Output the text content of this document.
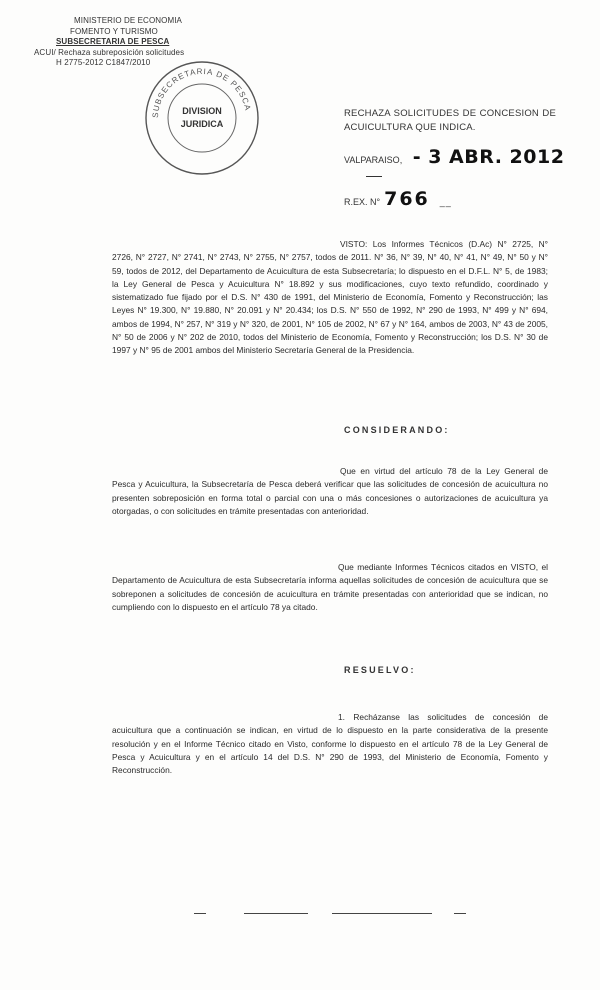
MINISTERIO DE ECONOMIA
FOMENTO Y TURISMO
SUBSECRETARIA DE PESCA
ACUI/ Rechaza subreposición solicitudes
H 2775-2012 C1847/2010
SUBSECRETARIA DE PESCA
DIVISION
JURIDICA
RECHAZA SOLICITUDES DE CONCESION DE ACUICULTURA QUE INDICA.
VALPARAISO, - 3 ABR. 2012
R.EX. N° 766 __
VISTO: Los Informes Técnicos (D.Ac) N° 2725, N° 2726, N° 2727, N° 2741, N° 2743, N° 2755, N° 2757, todos de 2011. N° 36, N° 39, N° 40, N° 41, N° 49, N° 50 y N° 59, todos de 2012, del Departamento de Acuicultura de esta Subsecretaría; lo dispuesto en el D.F.L. N° 5, de 1983; la Ley General de Pesca y Acuicultura N° 18.892 y sus modificaciones, cuyo texto refundido, coordinado y sistematizado fue fijado por el D.S. N° 430 de 1991, del Ministerio de Economía, Fomento y Reconstrucción; las Leyes N° 19.300, N° 19.880, N° 20.091 y N° 20.434; los D.S. N° 550 de 1992, N° 290 de 1993, N° 499 y N° 694, ambos de 1994, N° 257, N° 319 y N° 320, de 2001, N° 105 de 2002, N° 67 y N° 164, ambos de 2003, N° 43 de 2005, N° 50 de 2006 y N° 202 de 2010, todos del Ministerio de Economía, Fomento y Reconstrucción; los D.S. N° 30 de 1997 y N° 95 de 2001 ambos del Ministerio Secretaría General de la Presidencia.
CONSIDERANDO:
Que en virtud del artículo 78 de la Ley General de Pesca y Acuicultura, la Subsecretaría de Pesca deberá verificar que las solicitudes de concesión de acuicultura no presenten sobreposición en forma total o parcial con una o más concesiones o autorizaciones de acuicultura ya otorgadas, o con solicitudes en trámite presentadas con anterioridad.
Que mediante Informes Técnicos citados en VISTO, el Departamento de Acuicultura de esta Subsecretaría informa aquellas solicitudes de concesión de acuicultura que se sobreponen a solicitudes de concesión de acuicultura en trámite presentadas con anterioridad que se indican, no cumpliendo con lo dispuesto en el artículo 78 ya citado.
RESUELVO:
1. Recházanse las solicitudes de concesión de acuicultura que a continuación se indican, en virtud de lo dispuesto en la parte considerativa de la presente resolución y en el Informe Técnico citado en Visto, conforme lo dispuesto en el artículo 78 de la Ley General de Pesca y Acuicultura y en el artículo 14 del D.S. N° 290 de 1993, del Ministerio de Economía, Fomento y Reconstrucción.
